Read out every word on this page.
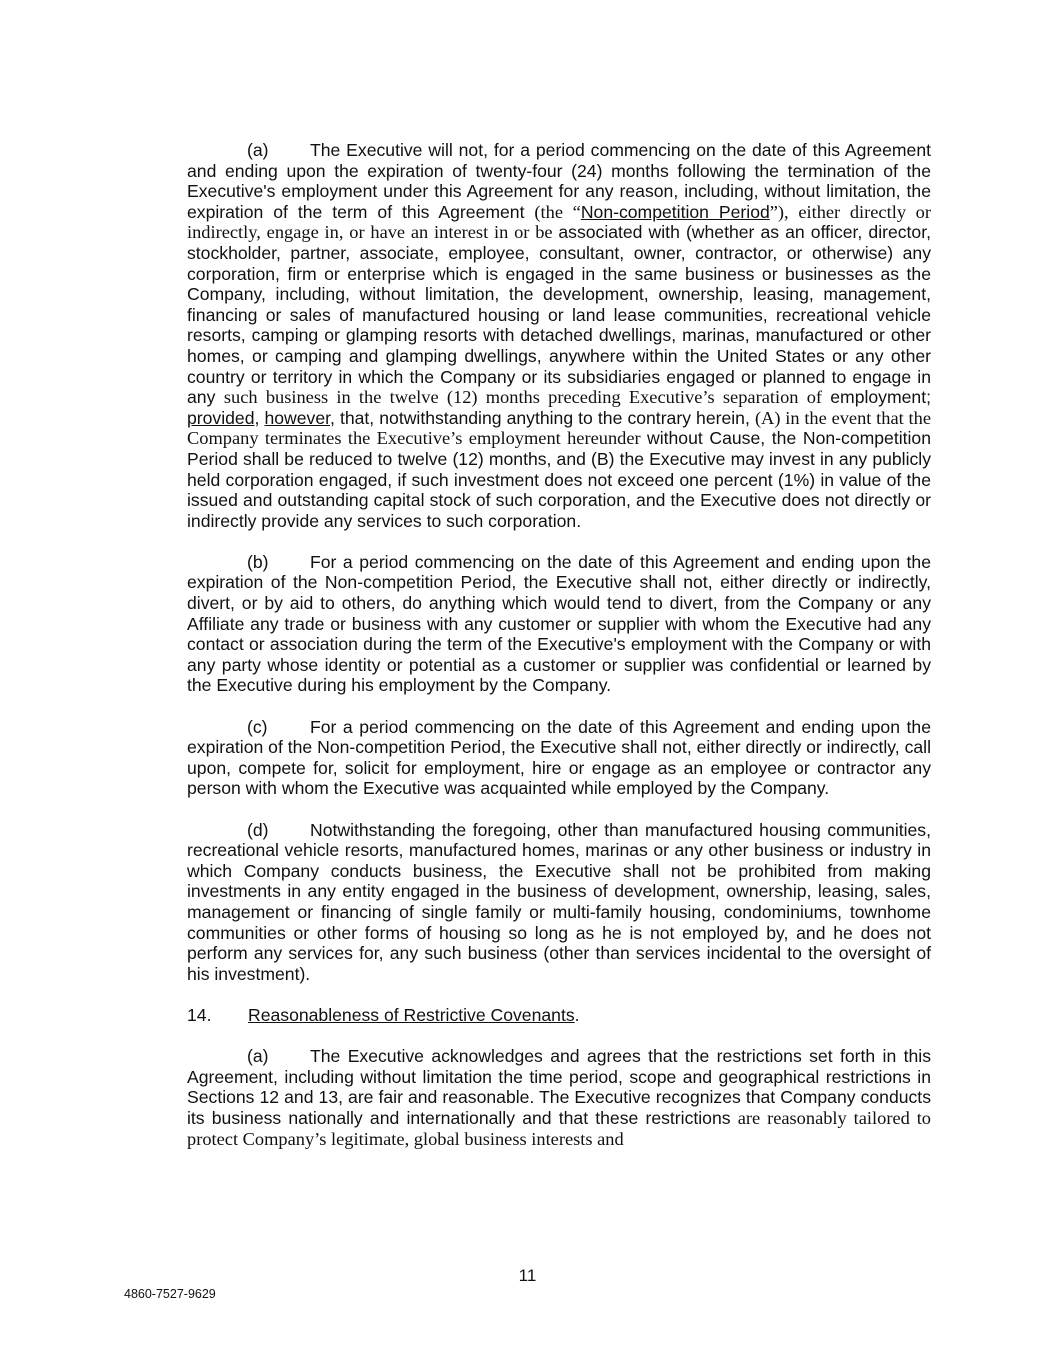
(a) The Executive will not, for a period commencing on the date of this Agreement and ending upon the expiration of twenty-four (24) months following the termination of the Executive's employment under this Agreement for any reason, including, without limitation, the expiration of the term of this Agreement (the “Non-competition Period”), either directly or indirectly, engage in, or have an interest in or be associated with (whether as an officer, director, stockholder, partner, associate, employee, consultant, owner, contractor, or otherwise) any corporation, firm or enterprise which is engaged in the same business or businesses as the Company, including, without limitation, the development, ownership, leasing, management, financing or sales of manufactured housing or land lease communities, recreational vehicle resorts, camping or glamping resorts with detached dwellings, marinas, manufactured or other homes, or camping and glamping dwellings, anywhere within the United States or any other country or territory in which the Company or its subsidiaries engaged or planned to engage in any such business in the twelve (12) months preceding Executive’s separation of employment; provided, however, that, notwithstanding anything to the contrary herein, (A) in the event that the Company terminates the Executive’s employment hereunder without Cause, the Non-competition Period shall be reduced to twelve (12) months, and (B) the Executive may invest in any publicly held corporation engaged, if such investment does not exceed one percent (1%) in value of the issued and outstanding capital stock of such corporation, and the Executive does not directly or indirectly provide any services to such corporation.

(b) For a period commencing on the date of this Agreement and ending upon the expiration of the Non-competition Period, the Executive shall not, either directly or indirectly, divert, or by aid to others, do anything which would tend to divert, from the Company or any Affiliate any trade or business with any customer or supplier with whom the Executive had any contact or association during the term of the Executive's employment with the Company or with any party whose identity or potential as a customer or supplier was confidential or learned by the Executive during his employment by the Company.

(c) For a period commencing on the date of this Agreement and ending upon the expiration of the Non-competition Period, the Executive shall not, either directly or indirectly, call upon, compete for, solicit for employment, hire or engage as an employee or contractor any person with whom the Executive was acquainted while employed by the Company.

(d) Notwithstanding the foregoing, other than manufactured housing communities, recreational vehicle resorts, manufactured homes, marinas or any other business or industry in which Company conducts business, the Executive shall not be prohibited from making investments in any entity engaged in the business of development, ownership, leasing, sales, management or financing of single family or multi-family housing, condominiums, townhome communities or other forms of housing so long as he is not employed by, and he does not perform any services for, any such business (other than services incidental to the oversight of his investment).

14. Reasonableness of Restrictive Covenants.

(a) The Executive acknowledges and agrees that the restrictions set forth in this Agreement, including without limitation the time period, scope and geographical restrictions in Sections 12 and 13, are fair and reasonable. The Executive recognizes that Company conducts its business nationally and internationally and that these restrictions are reasonably tailored to protect Company’s legitimate, global business interests and

11
4860-7527-9629
